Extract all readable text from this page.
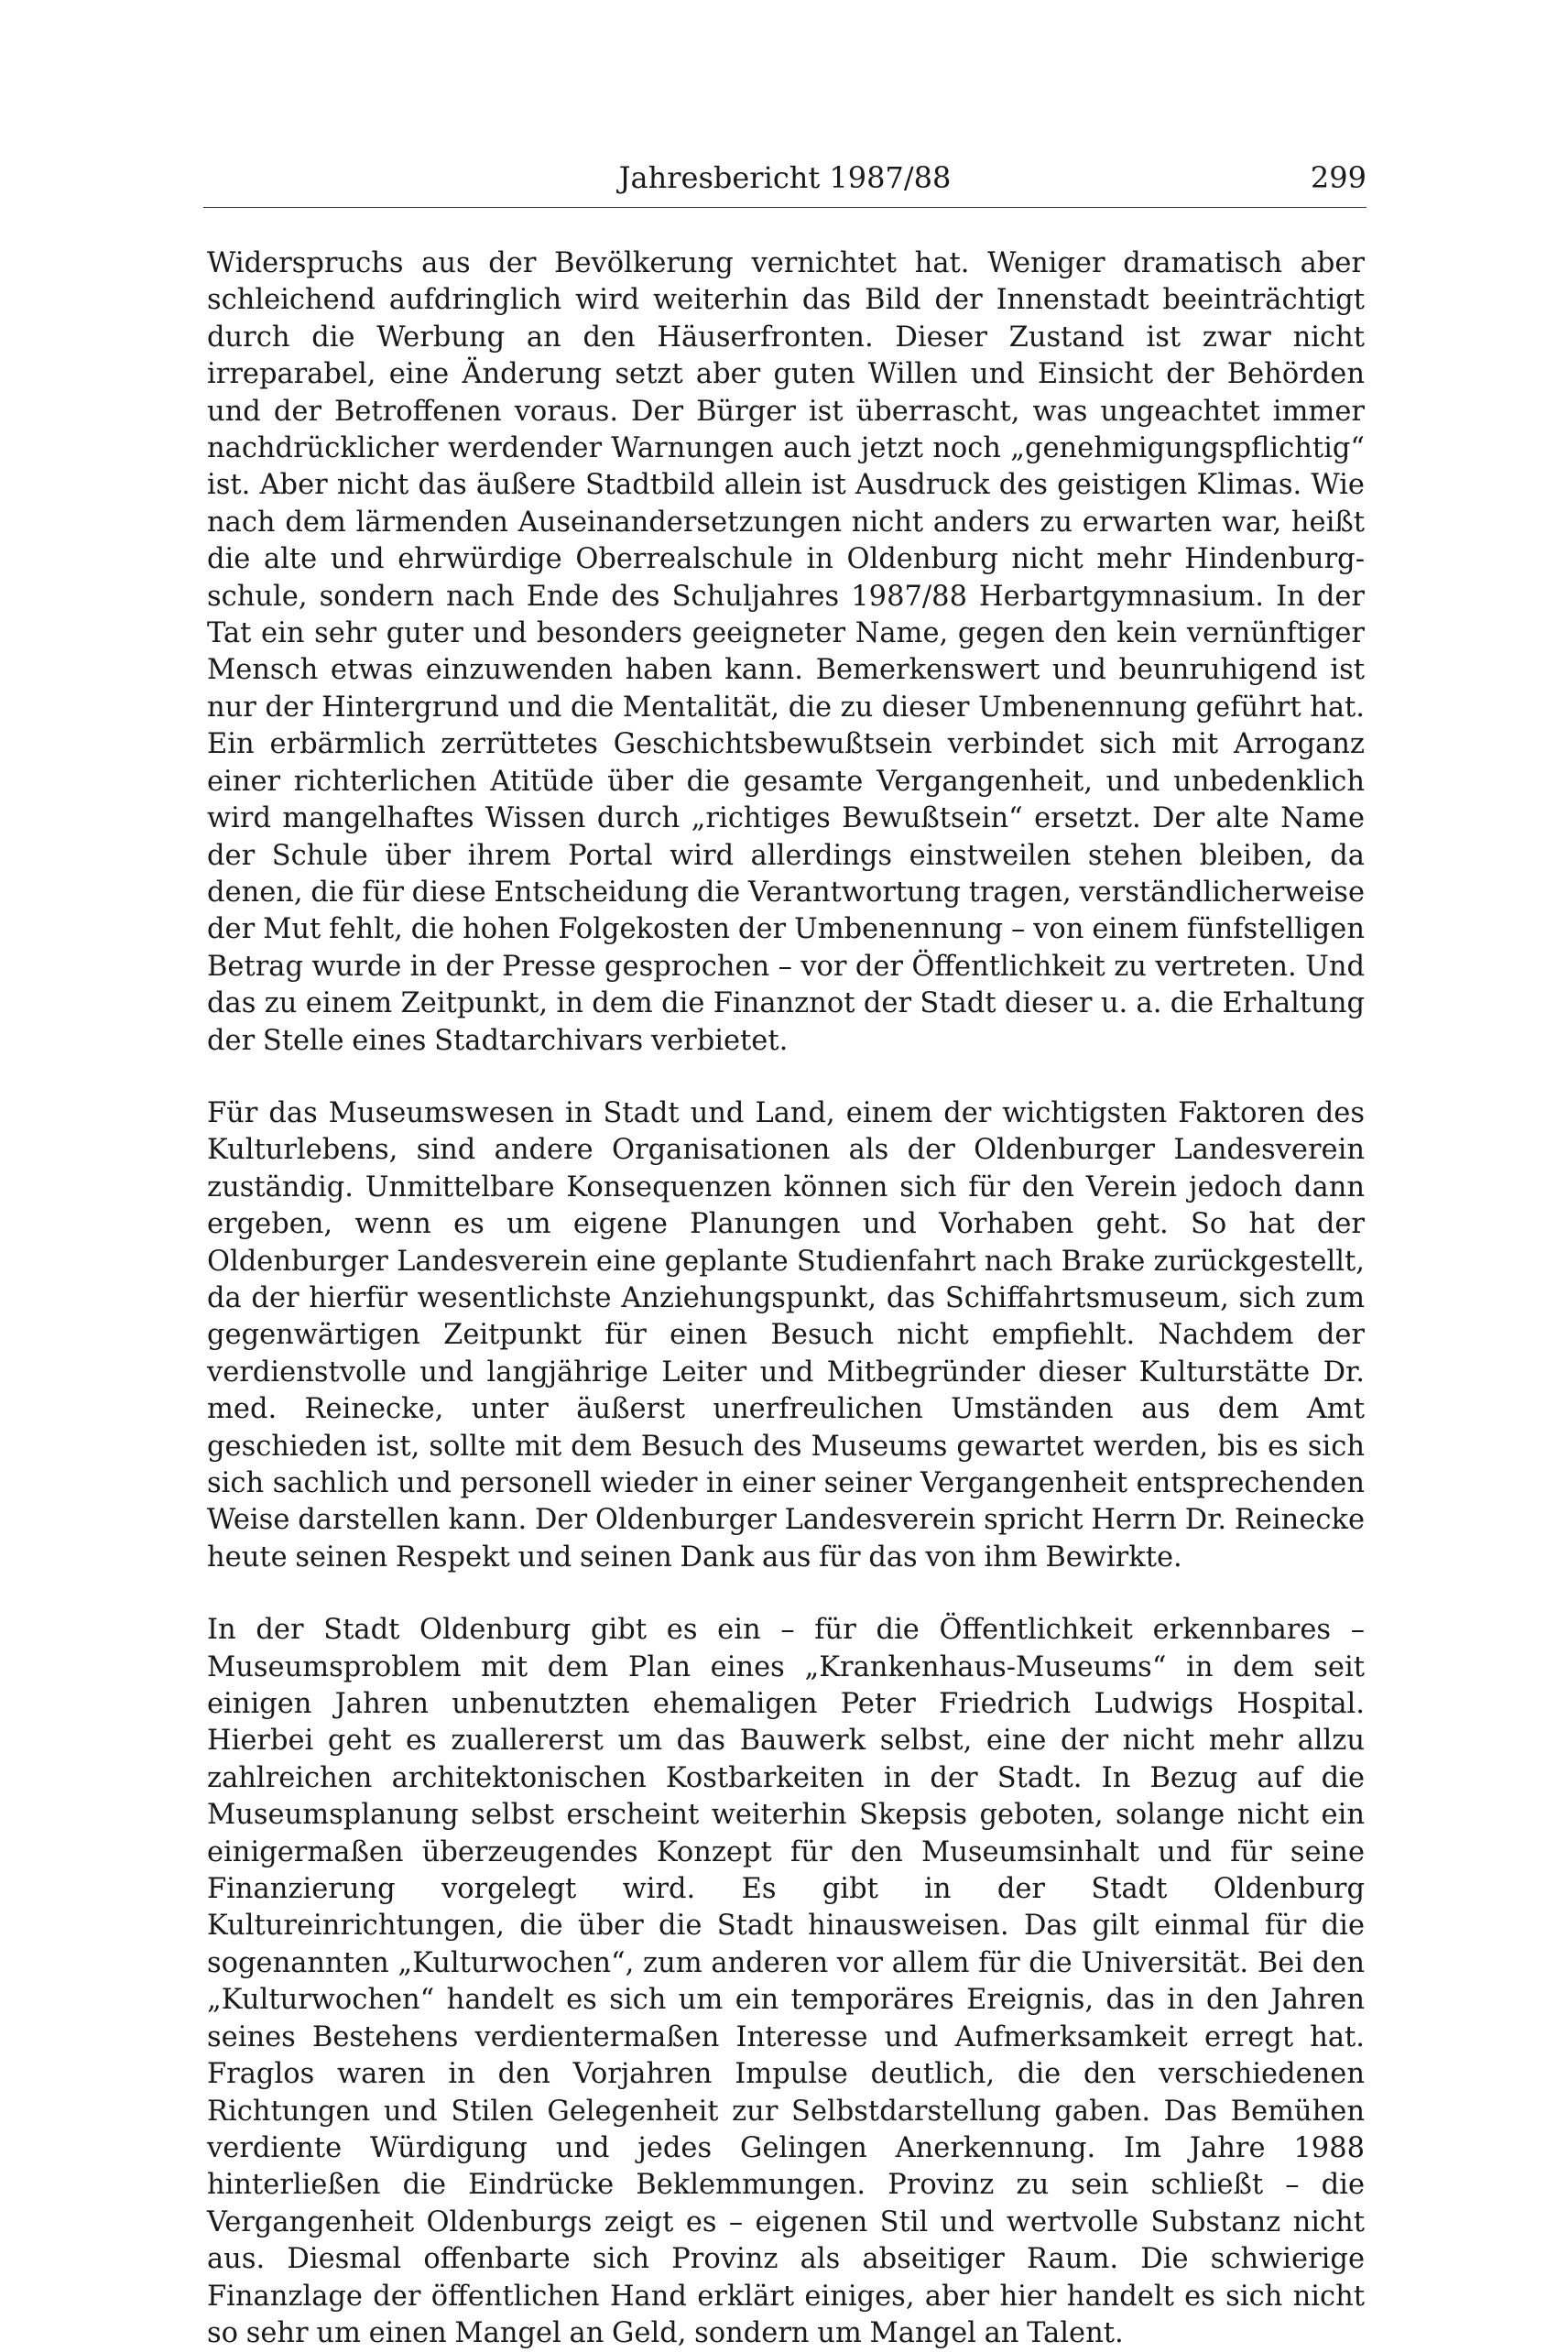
Jahresbericht 1987/88	299

Widerspruchs aus der Bevölkerung vernichtet hat. Weniger dramatisch aber schleichend aufdringlich wird weiterhin das Bild der Innenstadt beeinträchtigt durch die Werbung an den Häuserfronten. Dieser Zustand ist zwar nicht irreparabel, eine Änderung setzt aber guten Willen und Einsicht der Behörden und der Betroffenen voraus. Der Bürger ist überrascht, was ungeachtet immer nachdrücklicher werdender Warnungen auch jetzt noch „genehmigungspflichtig“ ist. Aber nicht das äußere Stadtbild allein ist Ausdruck des geistigen Klimas. Wie nach dem lärmenden Auseinandersetzungen nicht anders zu erwarten war, heißt die alte und ehrwürdige Oberrealschule in Oldenburg nicht mehr Hindenburgschule, sondern nach Ende des Schuljahres 1987/88 Herbartgymnasium. In der Tat ein sehr guter und besonders geeigneter Name, gegen den kein vernünftiger Mensch etwas einzuwenden haben kann. Bemerkenswert und beunruhigend ist nur der Hintergrund und die Mentalität, die zu dieser Umbenennung geführt hat. Ein erbärmlich zerrüttetes Geschichtsbewußtsein verbindet sich mit Arroganz einer richterlichen Atitüde über die gesamte Vergangenheit, und unbedenklich wird mangelhaftes Wissen durch „richtiges Bewußtsein“ ersetzt. Der alte Name der Schule über ihrem Portal wird allerdings einstweilen stehen bleiben, da denen, die für diese Entscheidung die Verantwortung tragen, verständlicherweise der Mut fehlt, die hohen Folgekosten der Umbenennung – von einem fünfstelligen Betrag wurde in der Presse gesprochen – vor der Öffentlichkeit zu vertreten. Und das zu einem Zeitpunkt, in dem die Finanznot der Stadt dieser u. a. die Erhaltung der Stelle eines Stadtarchivars verbietet.

Für das Museumswesen in Stadt und Land, einem der wichtigsten Faktoren des Kulturlebens, sind andere Organisationen als der Oldenburger Landesverein zuständig. Unmittelbare Konsequenzen können sich für den Verein jedoch dann ergeben, wenn es um eigene Planungen und Vorhaben geht. So hat der Oldenburger Landesverein eine geplante Studienfahrt nach Brake zurückgestellt, da der hierfür wesentlichste Anziehungspunkt, das Schiffahrtsmuseum, sich zum gegenwärtigen Zeitpunkt für einen Besuch nicht empfiehlt. Nachdem der verdienstvolle und langjährige Leiter und Mitbegründer dieser Kulturstätte Dr. med. Reinecke, unter äußerst unerfreulichen Umständen aus dem Amt geschieden ist, sollte mit dem Besuch des Museums gewartet werden, bis es sich sich sachlich und personell wieder in einer seiner Vergangenheit entsprechenden Weise darstellen kann. Der Oldenburger Landesverein spricht Herrn Dr. Reinecke heute seinen Respekt und seinen Dank aus für das von ihm Bewirkte.

In der Stadt Oldenburg gibt es ein – für die Öffentlichkeit erkennbares – Museumsproblem mit dem Plan eines „Krankenhaus-Museums“ in dem seit einigen Jahren unbenutzten ehemaligen Peter Friedrich Ludwigs Hospital. Hierbei geht es zuallererst um das Bauwerk selbst, eine der nicht mehr allzu zahlreichen architektonischen Kostbarkeiten in der Stadt. In Bezug auf die Museumsplanung selbst erscheint weiterhin Skepsis geboten, solange nicht ein einigermaßen überzeugendes Konzept für den Museumsinhalt und für seine Finanzierung vorgelegt wird. Es gibt in der Stadt Oldenburg Kultureinrichtungen, die über die Stadt hinausweisen. Das gilt einmal für die sogenannten „Kulturwochen“, zum anderen vor allem für die Universität. Bei den „Kulturwochen“ handelt es sich um ein temporäres Ereignis, das in den Jahren seines Bestehens verdientermaßen Interesse und Aufmerksamkeit erregt hat. Fraglos waren in den Vorjahren Impulse deutlich, die den verschiedenen Richtungen und Stilen Gelegenheit zur Selbstdarstellung gaben. Das Bemühen verdiente Würdigung und jedes Gelingen Anerkennung. Im Jahre 1988 hinterließen die Eindrücke Beklemmungen. Provinz zu sein schließt – die Vergangenheit Oldenburgs zeigt es – eigenen Stil und wertvolle Substanz nicht aus. Diesmal offenbarte sich Provinz als abseitiger Raum. Die schwierige Finanzlage der öffentlichen Hand erklärt einiges, aber hier handelt es sich nicht so sehr um einen Mangel an Geld, sondern um Mangel an Talent.
